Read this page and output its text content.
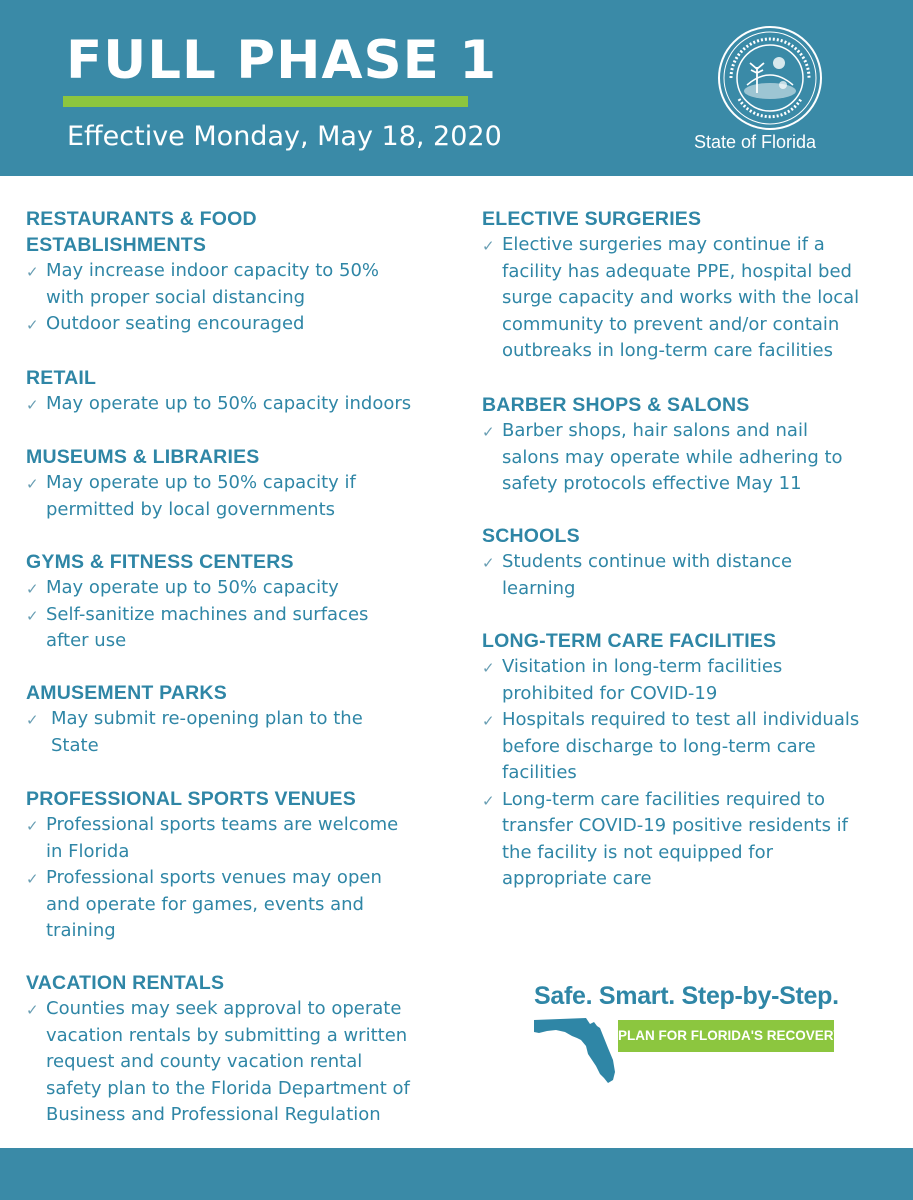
FULL PHASE 1
Effective Monday, May 18, 2020	State of Florida
RESTAURANTS & FOOD
ESTABLISHMENTS
✓ May increase indoor capacity to 50%
with proper social distancing
✓ Outdoor seating encouraged
RETAIL
✓ May operate up to 50% capacity indoors
MUSEUMS & LIBRARIES
✓ May operate up to 50% capacity if
permitted by local governments
GYMS & FITNESS CENTERS
✓ May operate up to 50% capacity
✓ Self-sanitize machines and surfaces
after use
AMUSEMENT PARKS
✓ May submit re-opening plan to the
State
PROFESSIONAL SPORTS VENUES
✓ Professional sports teams are welcome
in Florida
✓ Professional sports venues may open
and operate for games, events and
training
VACATION RENTALS
✓ Counties may seek approval to operate
vacation rentals by submitting a written
request and county vacation rental
safety plan to the Florida Department of
Business and Professional Regulation
ELECTIVE SURGERIES
✓ Elective surgeries may continue if a
facility has adequate PPE, hospital bed
surge capacity and works with the local
community to prevent and/or contain
outbreaks in long-term care facilities
BARBER SHOPS & SALONS
✓ Barber shops, hair salons and nail
salons may operate while adhering to
safety protocols effective May 11
SCHOOLS
✓ Students continue with distance
learning
LONG-TERM CARE FACILITIES
✓ Visitation in long-term facilities
prohibited for COVID-19
✓ Hospitals required to test all individuals
before discharge to long-term care
facilities
✓ Long-term care facilities required to
transfer COVID-19 positive residents if
the facility is not equipped for
appropriate care
Safe. Smart. Step-by-Step.
PLAN FOR FLORIDA'S RECOVERY
